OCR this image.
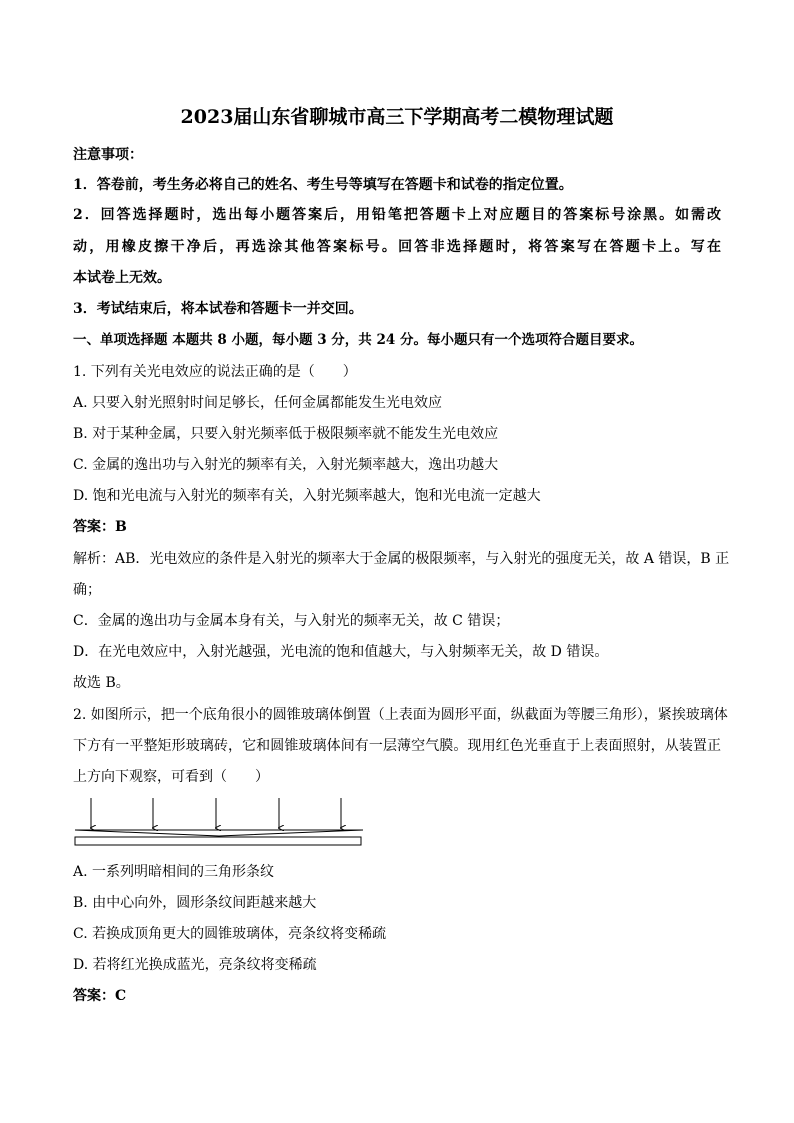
2023届山东省聊城市高三下学期高考二模物理试题
注意事项：
1．答卷前，考生务必将自己的姓名、考生号等填写在答题卡和试卷的指定位置。
2．回答选择题时，选出每小题答案后，用铅笔把答题卡上对应题目的答案标号涂黑。如需改
动，用橡皮擦干净后，再选涂其他答案标号。回答非选择题时，将答案写在答题卡上。写在
本试卷上无效。
3．考试结束后，将本试卷和答题卡一并交回。
一、单项选择题 本题共 8 小题，每小题 3 分，共 24 分。每小题只有一个选项符合题目要求。
1. 下列有关光电效应的说法正确的是（　　）
A. 只要入射光照射时间足够长，任何金属都能发生光电效应
B. 对于某种金属，只要入射光频率低于极限频率就不能发生光电效应
C. 金属的逸出功与入射光的频率有关，入射光频率越大，逸出功越大
D. 饱和光电流与入射光的频率有关，入射光频率越大，饱和光电流一定越大
答案：B
解析：AB．光电效应的条件是入射光的频率大于金属的极限频率，与入射光的强度无关，故 A 错误，B 正
确；
C．金属的逸出功与金属本身有关，与入射光的频率无关，故 C 错误；
D．在光电效应中，入射光越强，光电流的饱和值越大，与入射频率无关，故 D 错误。
故选 B。
2. 如图所示，把一个底角很小的圆锥玻璃体倒置（上表面为圆形平面，纵截面为等腰三角形），紧挨玻璃体
下方有一平整矩形玻璃砖，它和圆锥玻璃体间有一层薄空气膜。现用红色光垂直于上表面照射，从装置正
上方向下观察，可看到（　　）
A. 一系列明暗相间的三角形条纹
B. 由中心向外，圆形条纹间距越来越大
C. 若换成顶角更大的圆锥玻璃体，亮条纹将变稀疏
D. 若将红光换成蓝光，亮条纹将变稀疏
答案：C
